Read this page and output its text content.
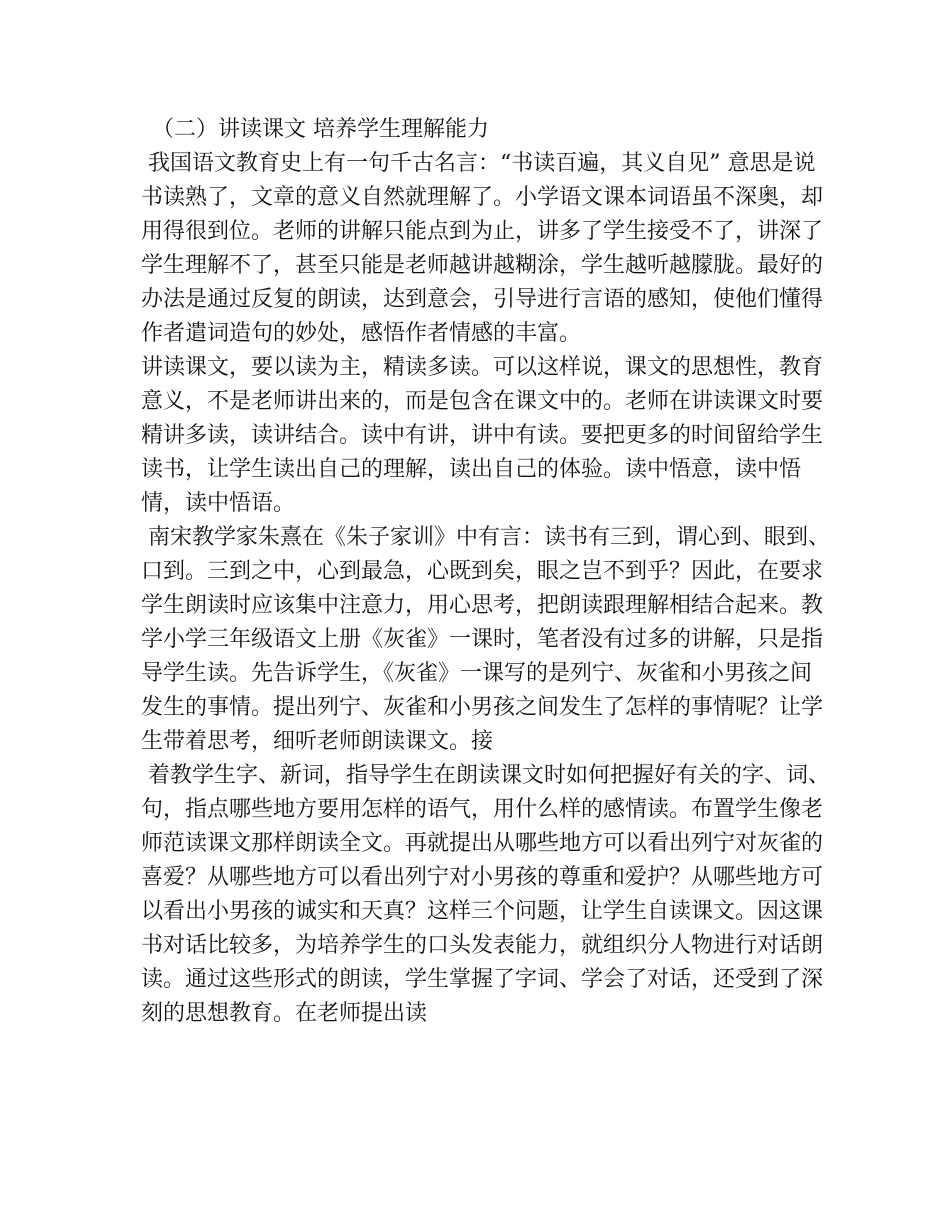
（二）讲读课文 培养学生理解能力

我国语文教育史上有一句千古名言：“书读百遍，其义自见” 意思是说书读熟了，文章的意义自然就理解了。小学语文课本词语虽不深奥，却用得很到位。老师的讲解只能点到为止，讲多了学生接受不了，讲深了学生理解不了，甚至只能是老师越讲越糊涂，学生越听越朦胧。最好的办法是通过反复的朗读，达到意会，引导进行言语的感知，使他们懂得作者遣词造句的妙处，感悟作者情感的丰富。

讲读课文，要以读为主，精读多读。可以这样说，课文的思想性，教育意义，不是老师讲出来的，而是包含在课文中的。老师在讲读课文时要精讲多读，读讲结合。读中有讲，讲中有读。要把更多的时间留给学生读书，让学生读出自己的理解，读出自己的体验。读中悟意，读中悟情，读中悟语。

南宋教学家朱熹在《朱子家训》中有言：读书有三到，谓心到、眼到、口到。三到之中，心到最急，心既到矣，眼之岂不到乎？因此，在要求学生朗读时应该集中注意力，用心思考，把朗读跟理解相结合起来。教学小学三年级语文上册《灰雀》一课时，笔者没有过多的讲解，只是指导学生读。先告诉学生，《灰雀》一课写的是列宁、灰雀和小男孩之间发生的事情。提出列宁、灰雀和小男孩之间发生了怎样的事情呢？让学生带着思考，细听老师朗读课文。接

着教学生字、新词，指导学生在朗读课文时如何把握好有关的字、词、句，指点哪些地方要用怎样的语气，用什么样的感情读。布置学生像老师范读课文那样朗读全文。再就提出从哪些地方可以看出列宁对灰雀的喜爱？从哪些地方可以看出列宁对小男孩的尊重和爱护？从哪些地方可以看出小男孩的诚实和天真？这样三个问题，让学生自读课文。因这课书对话比较多，为培养学生的口头发表能力，就组织分人物进行对话朗读。通过这些形式的朗读，学生掌握了字词、学会了对话，还受到了深刻的思想教育。在老师提出读
